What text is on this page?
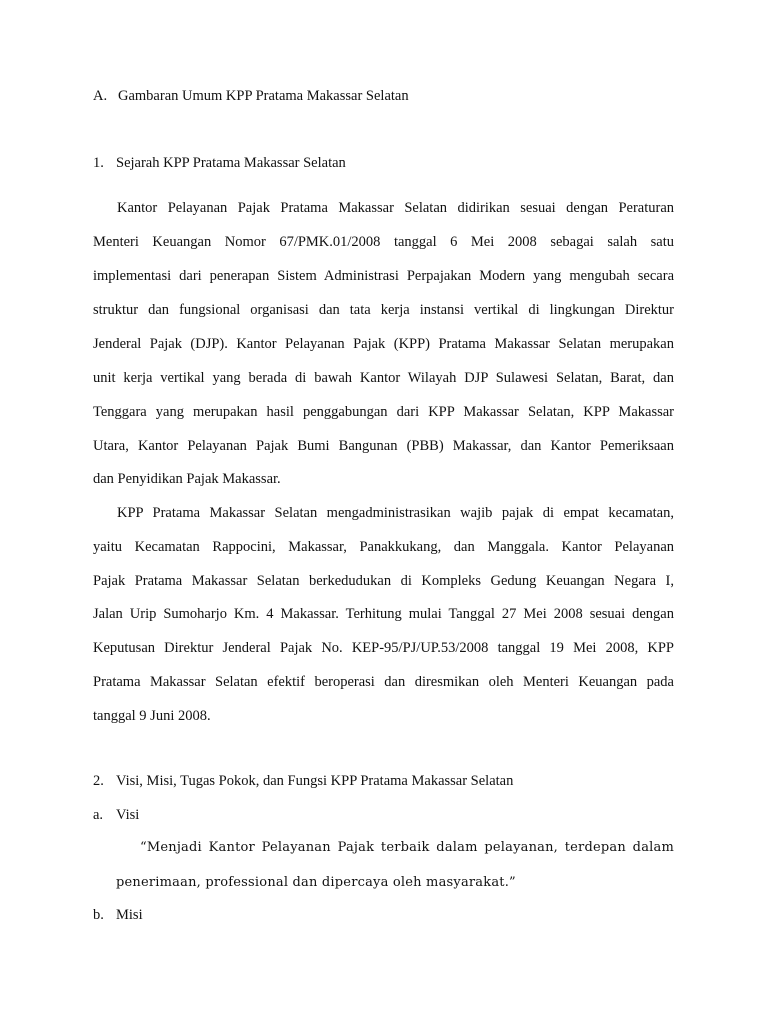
A. Gambaran Umum KPP Pratama Makassar Selatan
1. Sejarah KPP Pratama Makassar Selatan
Kantor Pelayanan Pajak Pratama Makassar Selatan didirikan sesuai dengan Peraturan
Menteri Keuangan Nomor 67/PMK.01/2008 tanggal 6 Mei 2008 sebagai salah satu
implementasi dari penerapan Sistem Administrasi Perpajakan Modern yang mengubah secara
struktur dan fungsional organisasi dan tata kerja instansi vertikal di lingkungan Direktur
Jenderal Pajak (DJP). Kantor Pelayanan Pajak (KPP) Pratama Makassar Selatan merupakan
unit kerja vertikal yang berada di bawah Kantor Wilayah DJP Sulawesi Selatan, Barat, dan
Tenggara yang merupakan hasil penggabungan dari KPP Makassar Selatan, KPP Makassar
Utara, Kantor Pelayanan Pajak Bumi Bangunan (PBB) Makassar, dan Kantor Pemeriksaan
dan Penyidikan Pajak Makassar.
KPP Pratama Makassar Selatan mengadministrasikan wajib pajak di empat kecamatan,
yaitu Kecamatan Rappocini, Makassar, Panakkukang, dan Manggala. Kantor Pelayanan
Pajak Pratama Makassar Selatan berkedudukan di Kompleks Gedung Keuangan Negara I,
Jalan Urip Sumoharjo Km. 4 Makassar. Terhitung mulai Tanggal 27 Mei 2008 sesuai dengan
Keputusan Direktur Jenderal Pajak No. KEP-95/PJ/UP.53/2008 tanggal 19 Mei 2008, KPP
Pratama Makassar Selatan efektif beroperasi dan diresmikan oleh Menteri Keuangan pada
tanggal 9 Juni 2008.
2. Visi, Misi, Tugas Pokok, dan Fungsi KPP Pratama Makassar Selatan
a. Visi
“Menjadi Kantor Pelayanan Pajak terbaik dalam pelayanan, terdepan dalam
penerimaan, professional dan dipercaya oleh masyarakat.”
b. Misi
